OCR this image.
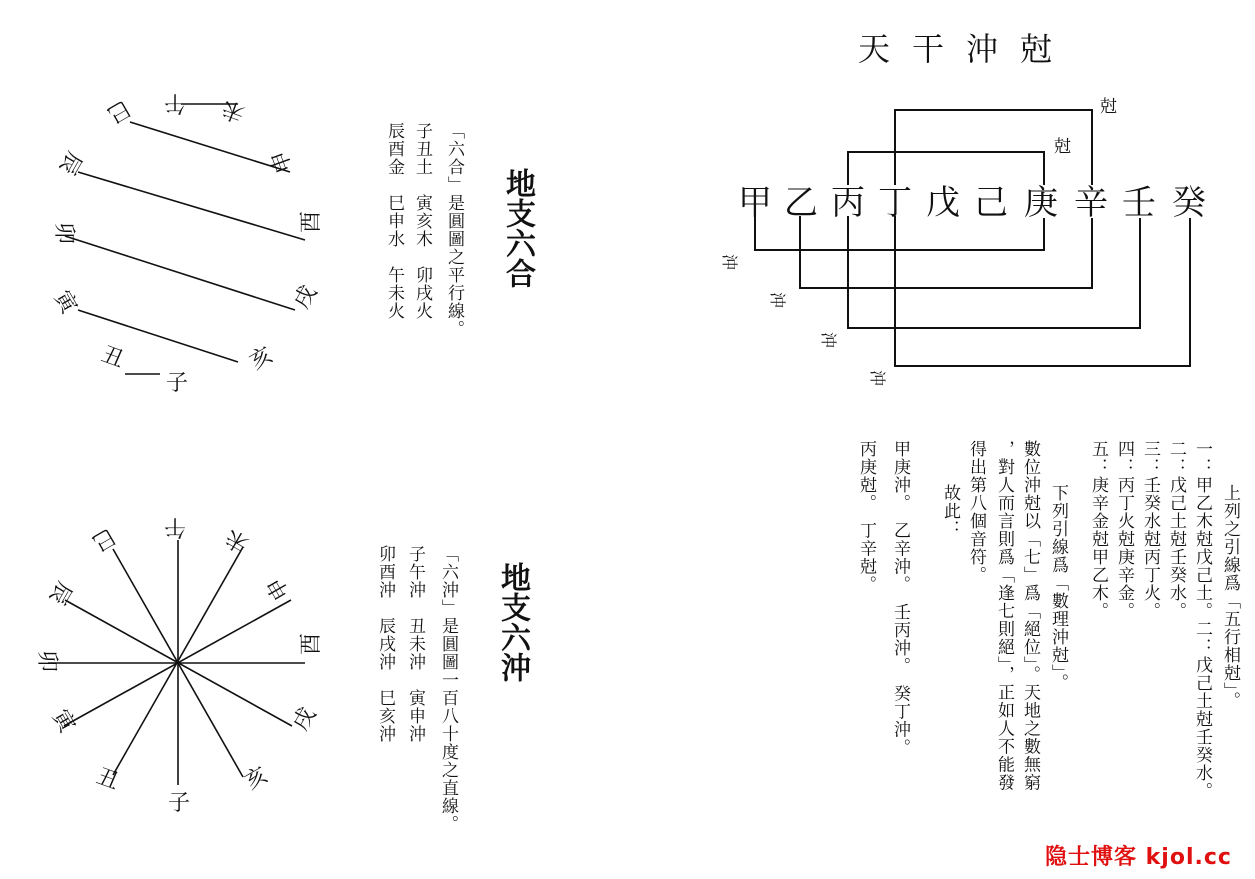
天干沖尅
甲 乙 丙 丁 戊 己 庚 辛 壬 癸
尅
尅
沖
沖
沖
沖
午 未
巳
申
辰
酉
卯
戌
寅
亥
丑
子
午 未
巳
申
辰
酉
卯
戌
寅
亥
丑
子
上列之引線爲「五行相尅」。
一：甲乙木尅戊己土。二：戊己土尅壬癸水。
二：戊己土尅壬癸水。
三：壬癸水尅丙丁火。
四：丙丁火尅庚辛金。
五：庚辛金尅甲乙木。
下列引線爲「數理沖尅」。
數位沖尅以「七」爲「絕位」。天地之數無窮
，對人而言則爲「逢七則絕」，正如人不能發
得出第八個音符。
故此：
甲庚沖。　乙辛沖。　壬丙沖。　癸丁沖。
丙庚尅。　丁辛尅。
地支六合
「六合」是圓圖之平行線。
子丑土　寅亥木　卯戌火
辰酉金　巳申水　午未火
地支六沖
「六沖」是圓圖一百八十度之直線。
子午沖　丑未沖　寅申沖
卯酉沖　辰戌沖　巳亥沖
隐士博客 kjol.cc
